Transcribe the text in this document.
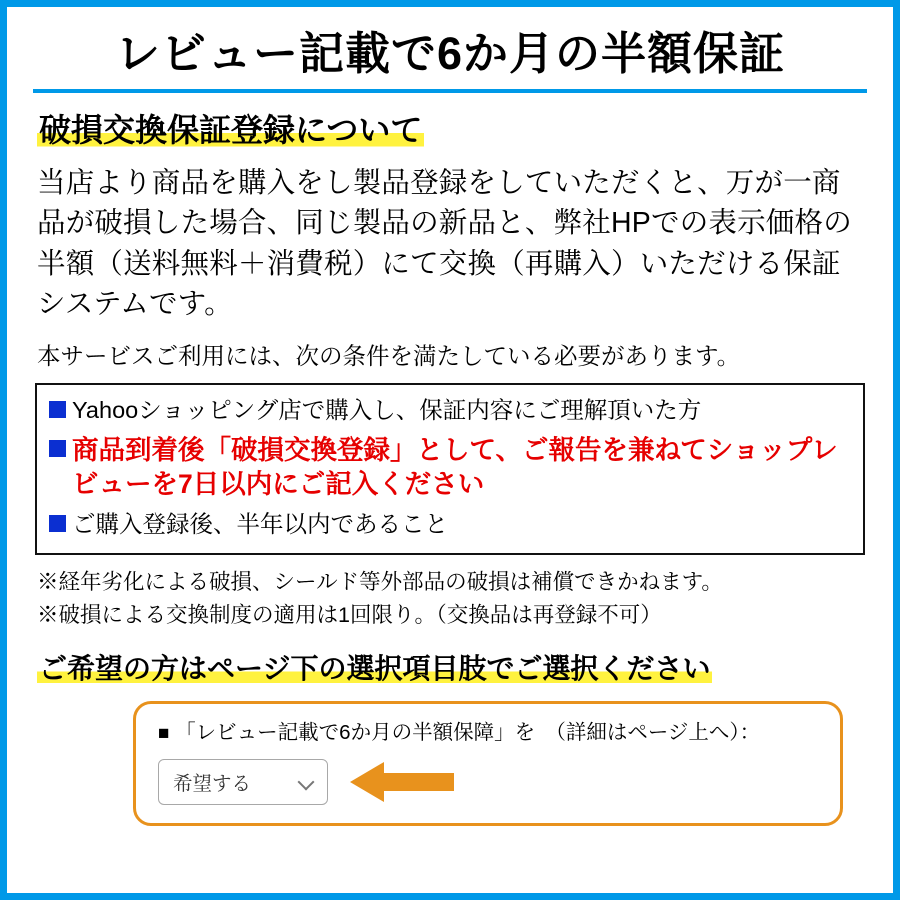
レビュー記載で6か月の半額保証
破損交換保証登録について
当店より商品を購入をし製品登録をしていただくと、万が一商品が破損した場合、同じ製品の新品と、弊社HPでの表示価格の半額（送料無料＋消費税）にて交換（再購入）いただける保証システムです。
本サービスご利用には、次の条件を満たしている必要があります。
Yahooショッピング店で購入し、保証内容にご理解頂いた方
商品到着後「破損交換登録」として、ご報告を兼ねてショップレビューを7日以内にご記入ください
ご購入登録後、半年以内であること
※経年劣化による破損、シールド等外部品の破損は補償できかねます。
※破損による交換制度の適用は1回限り。（交換品は再登録不可）
ご希望の方はページ下の選択項目肢でご選択ください
■ 「レビュー記載で6か月の半額保障」を　（詳細はページ上へ）：
希望する
